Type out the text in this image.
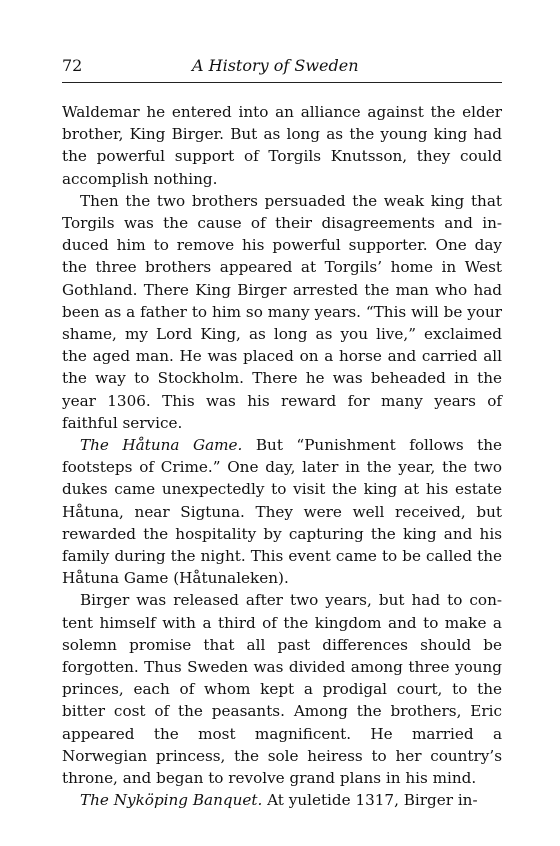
72	A History of Sweden

Waldemar he entered into an alliance against the elder brother, King Birger. But as long as the young king had the powerful support of Torgils Knutsson, they could accomplish nothing.

Then the two brothers persuaded the weak king that Torgils was the cause of their disagreements and induced him to remove his powerful supporter. One day the three brothers appeared at Torgils’ home in West Gothland. There King Birger arrested the man who had been as a father to him so many years. “This will be your shame, my Lord King, as long as you live,” exclaimed the aged man. He was placed on a horse and carried all the way to Stockholm. There he was beheaded in the year 1306. This was his reward for many years of faithful service.

The Håtuna Game. But “Punishment follows the footsteps of Crime.” One day, later in the year, the two dukes came unexpectedly to visit the king at his estate Håtuna, near Sigtuna. They were well received, but rewarded the hospitality by capturing the king and his family during the night. This event came to be called the Håtuna Game (Håtunaleken).

Birger was released after two years, but had to content himself with a third of the kingdom and to make a solemn promise that all past differences should be forgotten. Thus Sweden was divided among three young princes, each of whom kept a prodigal court, to the bitter cost of the peasants. Among the brothers, Eric appeared the most magnificent. He married a Norwegian princess, the sole heiress to her country’s throne, and began to revolve grand plans in his mind.

The Nyköping Banquet. At yuletide 1317, Birger in-
